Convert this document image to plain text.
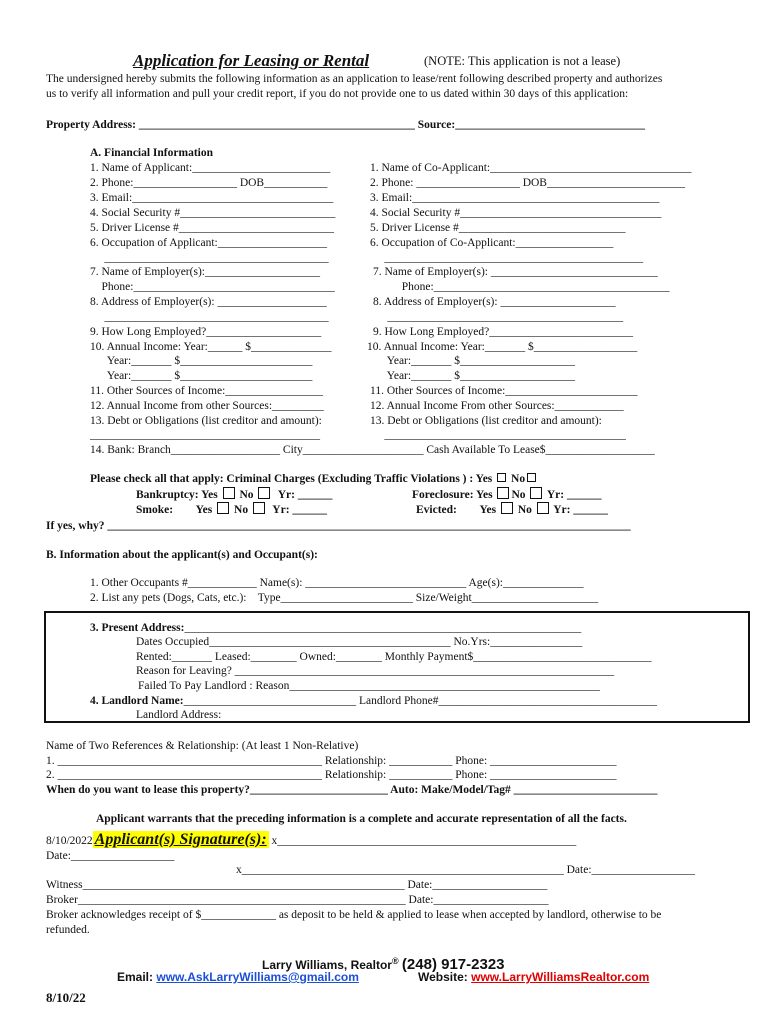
Application for Leasing or Rental	(NOTE: This application is not a lease)
The undersigned hereby submits the following information as an application to lease/rent following described property and authorizes
us to verify all information and pull your credit report, if you do not provide one to us dated within 30 days of this application:
Property Address: ________________________________________________ Source:_________________________________
A. Financial Information
1. Name of Applicant:________________________
2. Phone:__________________ DOB___________
3. Email:___________________________________
4. Social Security #___________________________
5. Driver License #___________________________
6. Occupation of Applicant:___________________
_______________________________________
7. Name of Employer(s):____________________
Phone:___________________________________
8. Address of Employer(s): ___________________
_______________________________________
9. How Long Employed?____________________
10. Annual Income: Year:______ $______________
Year:_______ $_______________________
Year:_______ $_______________________
11. Other Sources of Income:_________________
12. Annual Income from other Sources:_________
13. Debt or Obligations (list creditor and amount):
________________________________________
14. Bank: Branch___________________ City_____________________ Cash Available To Lease$___________________
1. Name of Co-Applicant:___________________________________
2. Phone: __________________ DOB________________________
3. Email:___________________________________________
4. Social Security #___________________________________
5. Driver License #_____________________________
6. Occupation of Co-Applicant:_________________
_____________________________________________
7. Name of Employer(s): _____________________________
Phone:_________________________________________
8. Address of Employer(s): ____________________
_________________________________________
9. How Long Employed?_________________________
10. Annual Income: Year:_______ $__________________
Year:_______ $____________________
Year:_______ $____________________
11. Other Sources of Income:_______________________
12. Annual Income From other Sources:____________
13. Debt or Obligations (list creditor and amount):
__________________________________________
Please check all that apply: Criminal Charges (Excluding Traffic Violations ) : Yes No
Bankruptcy: Yes No Yr: ______	Foreclosure: Yes No Yr: ______
Smoke: Yes No Yr: ______	Evicted: Yes No Yr: ______
If yes, why? ___________________________________________________________________________________________
B. Information about the applicant(s) and Occupant(s):
1. Other Occupants #____________ Name(s): ____________________________ Age(s):______________
2. List any pets (Dogs, Cats, etc.):    Type_______________________ Size/Weight______________________
3. Present Address:_____________________________________________________________________
Dates Occupied__________________________________________ No.Yrs:________________
Rented:_______ Leased:________ Owned:________ Monthly Payment$_______________________________
Reason for Leaving? __________________________________________________________________
Failed To Pay Landlord : Reason______________________________________________________
4. Landlord Name:______________________________ Landlord Phone#______________________________________
Landlord Address:
Name of Two References & Relationship: (At least 1 Non-Relative)
1. ______________________________________________ Relationship: ___________ Phone: ______________________
2. ______________________________________________ Relationship: ___________ Phone: ______________________
When do you want to lease this property?________________________ Auto: Make/Model/Tag# _________________________
Applicant warrants that the preceding information is a complete and accurate representation of all the facts.
8/10/2022 Applicant(s) Signature(s): x____________________________________________________
Date:__________________
x________________________________________________________ Date:__________________
Witness________________________________________________________ Date:____________________
Broker_________________________________________________________ Date:____________________
Broker acknowledges receipt of $_____________ as deposit to be held & applied to lease when accepted by landlord, otherwise to be
refunded.
Larry Williams, Realtor® (248) 917-2323
Email: www.AskLarryWilliams@gmail.com	Website: www.LarryWilliamsRealtor.com
8/10/22
